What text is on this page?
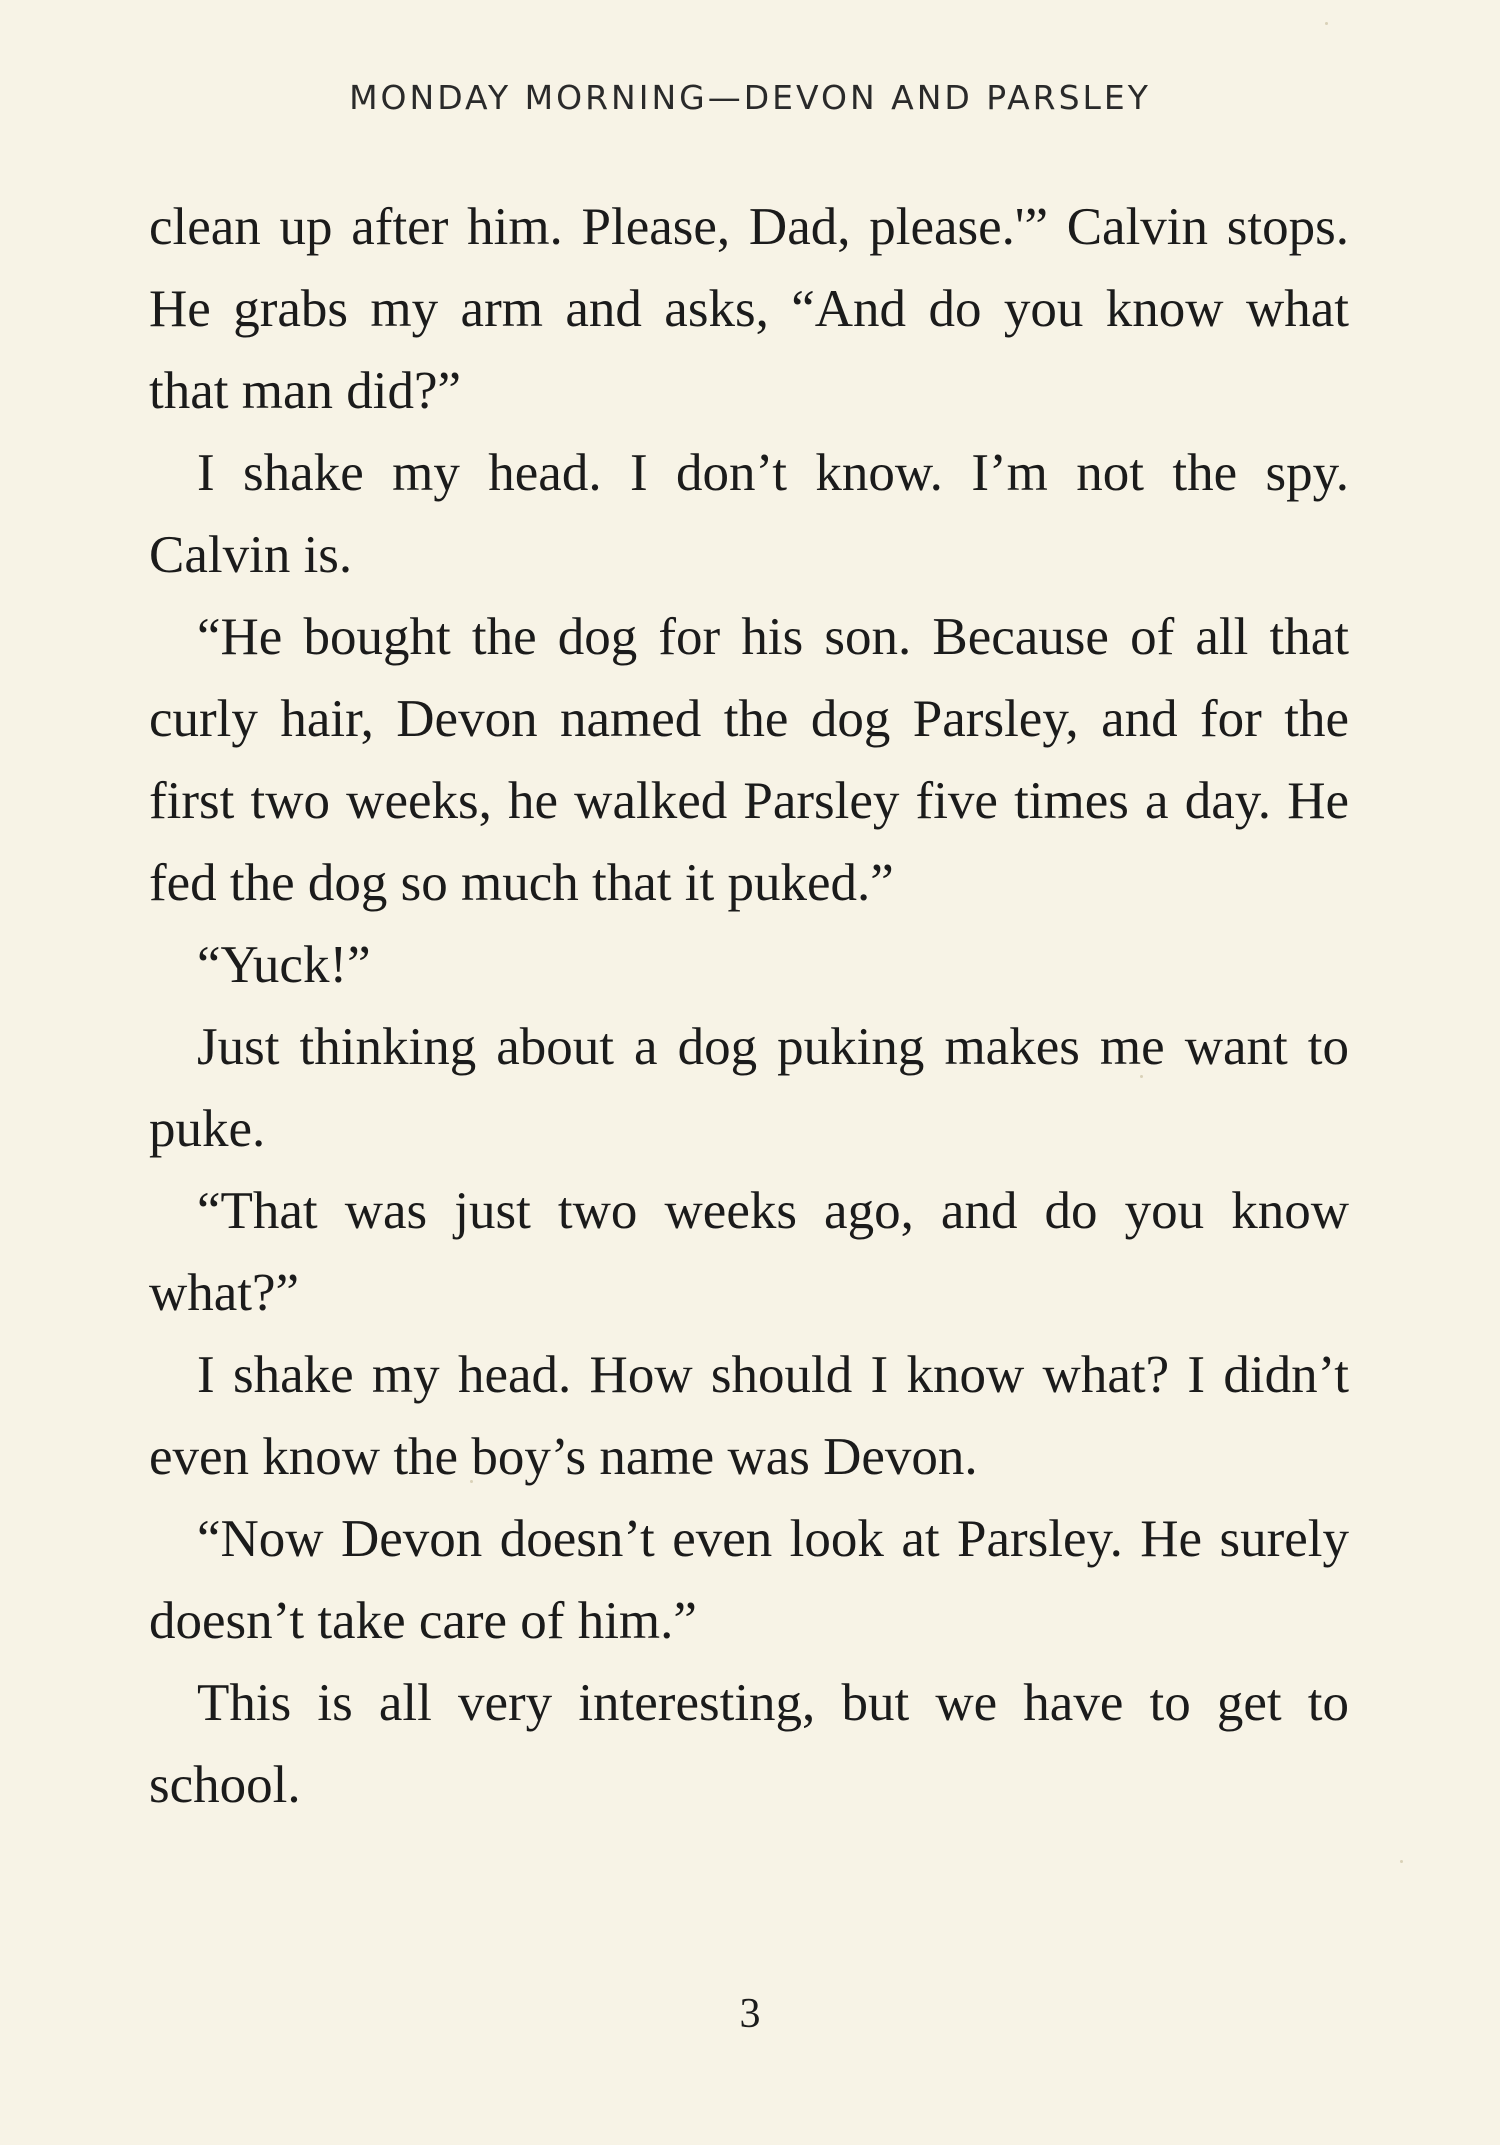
MONDAY MORNING—DEVON AND PARSLEY

clean up after him. Please, Dad, please.'” Calvin stops. He grabs my arm and asks, “And do you know what that man did?”

I shake my head. I don’t know. I’m not the spy. Calvin is.

“He bought the dog for his son. Because of all that curly hair, Devon named the dog Parsley, and for the first two weeks, he walked Parsley five times a day. He fed the dog so much that it puked.”

“Yuck!”

Just thinking about a dog puking makes me want to puke.

“That was just two weeks ago, and do you know what?”

I shake my head. How should I know what? I didn’t even know the boy’s name was Devon.

“Now Devon doesn’t even look at Parsley. He surely doesn’t take care of him.”

This is all very interesting, but we have to get to school.

3
